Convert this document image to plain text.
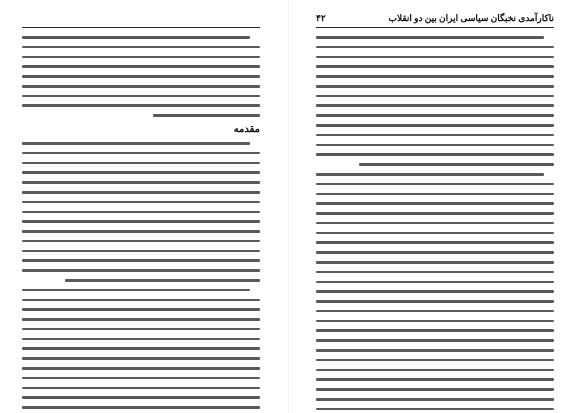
ناکارآمدی نخبگان سیاسی ایران بین دو انقلاب
۴۲
مقدمه
